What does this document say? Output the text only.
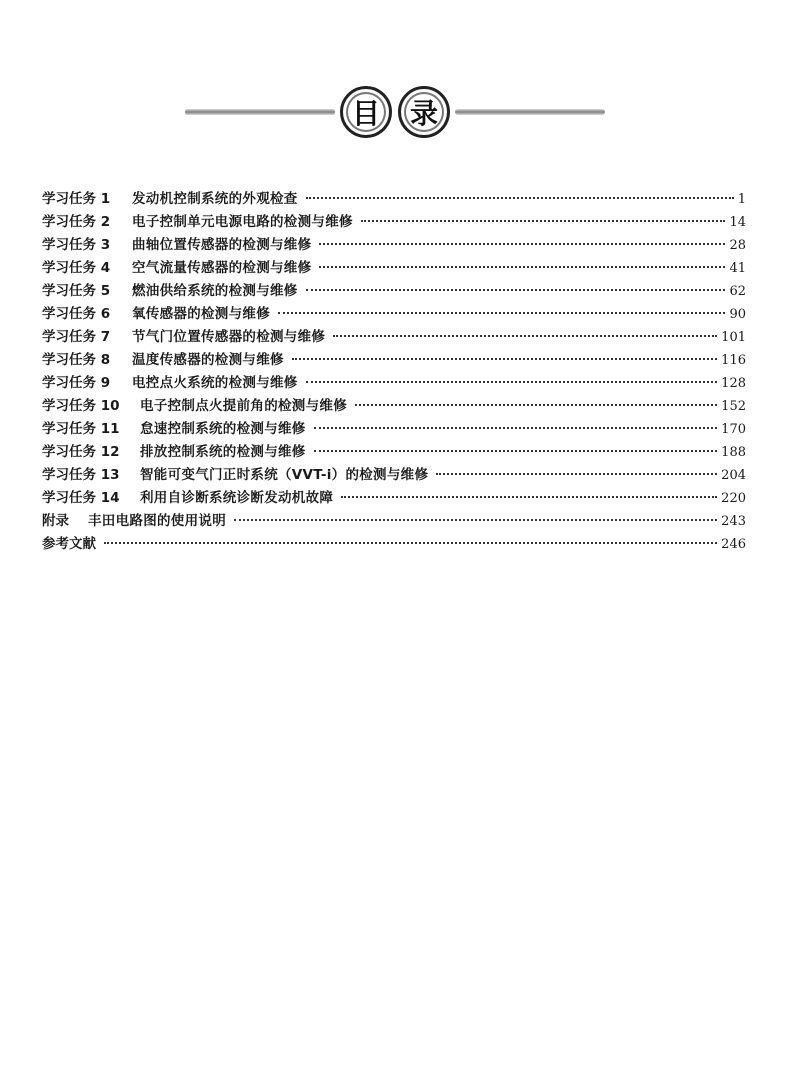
目	录
学习任务 1	发动机控制系统的外观检查	1
学习任务 2	电子控制单元电源电路的检测与维修	14
学习任务 3	曲轴位置传感器的检测与维修	28
学习任务 4	空气流量传感器的检测与维修	41
学习任务 5	燃油供给系统的检测与维修	62
学习任务 6	氧传感器的检测与维修	90
学习任务 7	节气门位置传感器的检测与维修	101
学习任务 8	温度传感器的检测与维修	116
学习任务 9	电控点火系统的检测与维修	128
学习任务 10	电子控制点火提前角的检测与维修	152
学习任务 11	怠速控制系统的检测与维修	170
学习任务 12	排放控制系统的检测与维修	188
学习任务 13	智能可变气门正时系统（VVT-i）的检测与维修	204
学习任务 14	利用自诊断系统诊断发动机故障	220
附录	丰田电路图的使用说明	243
参考文献	246
